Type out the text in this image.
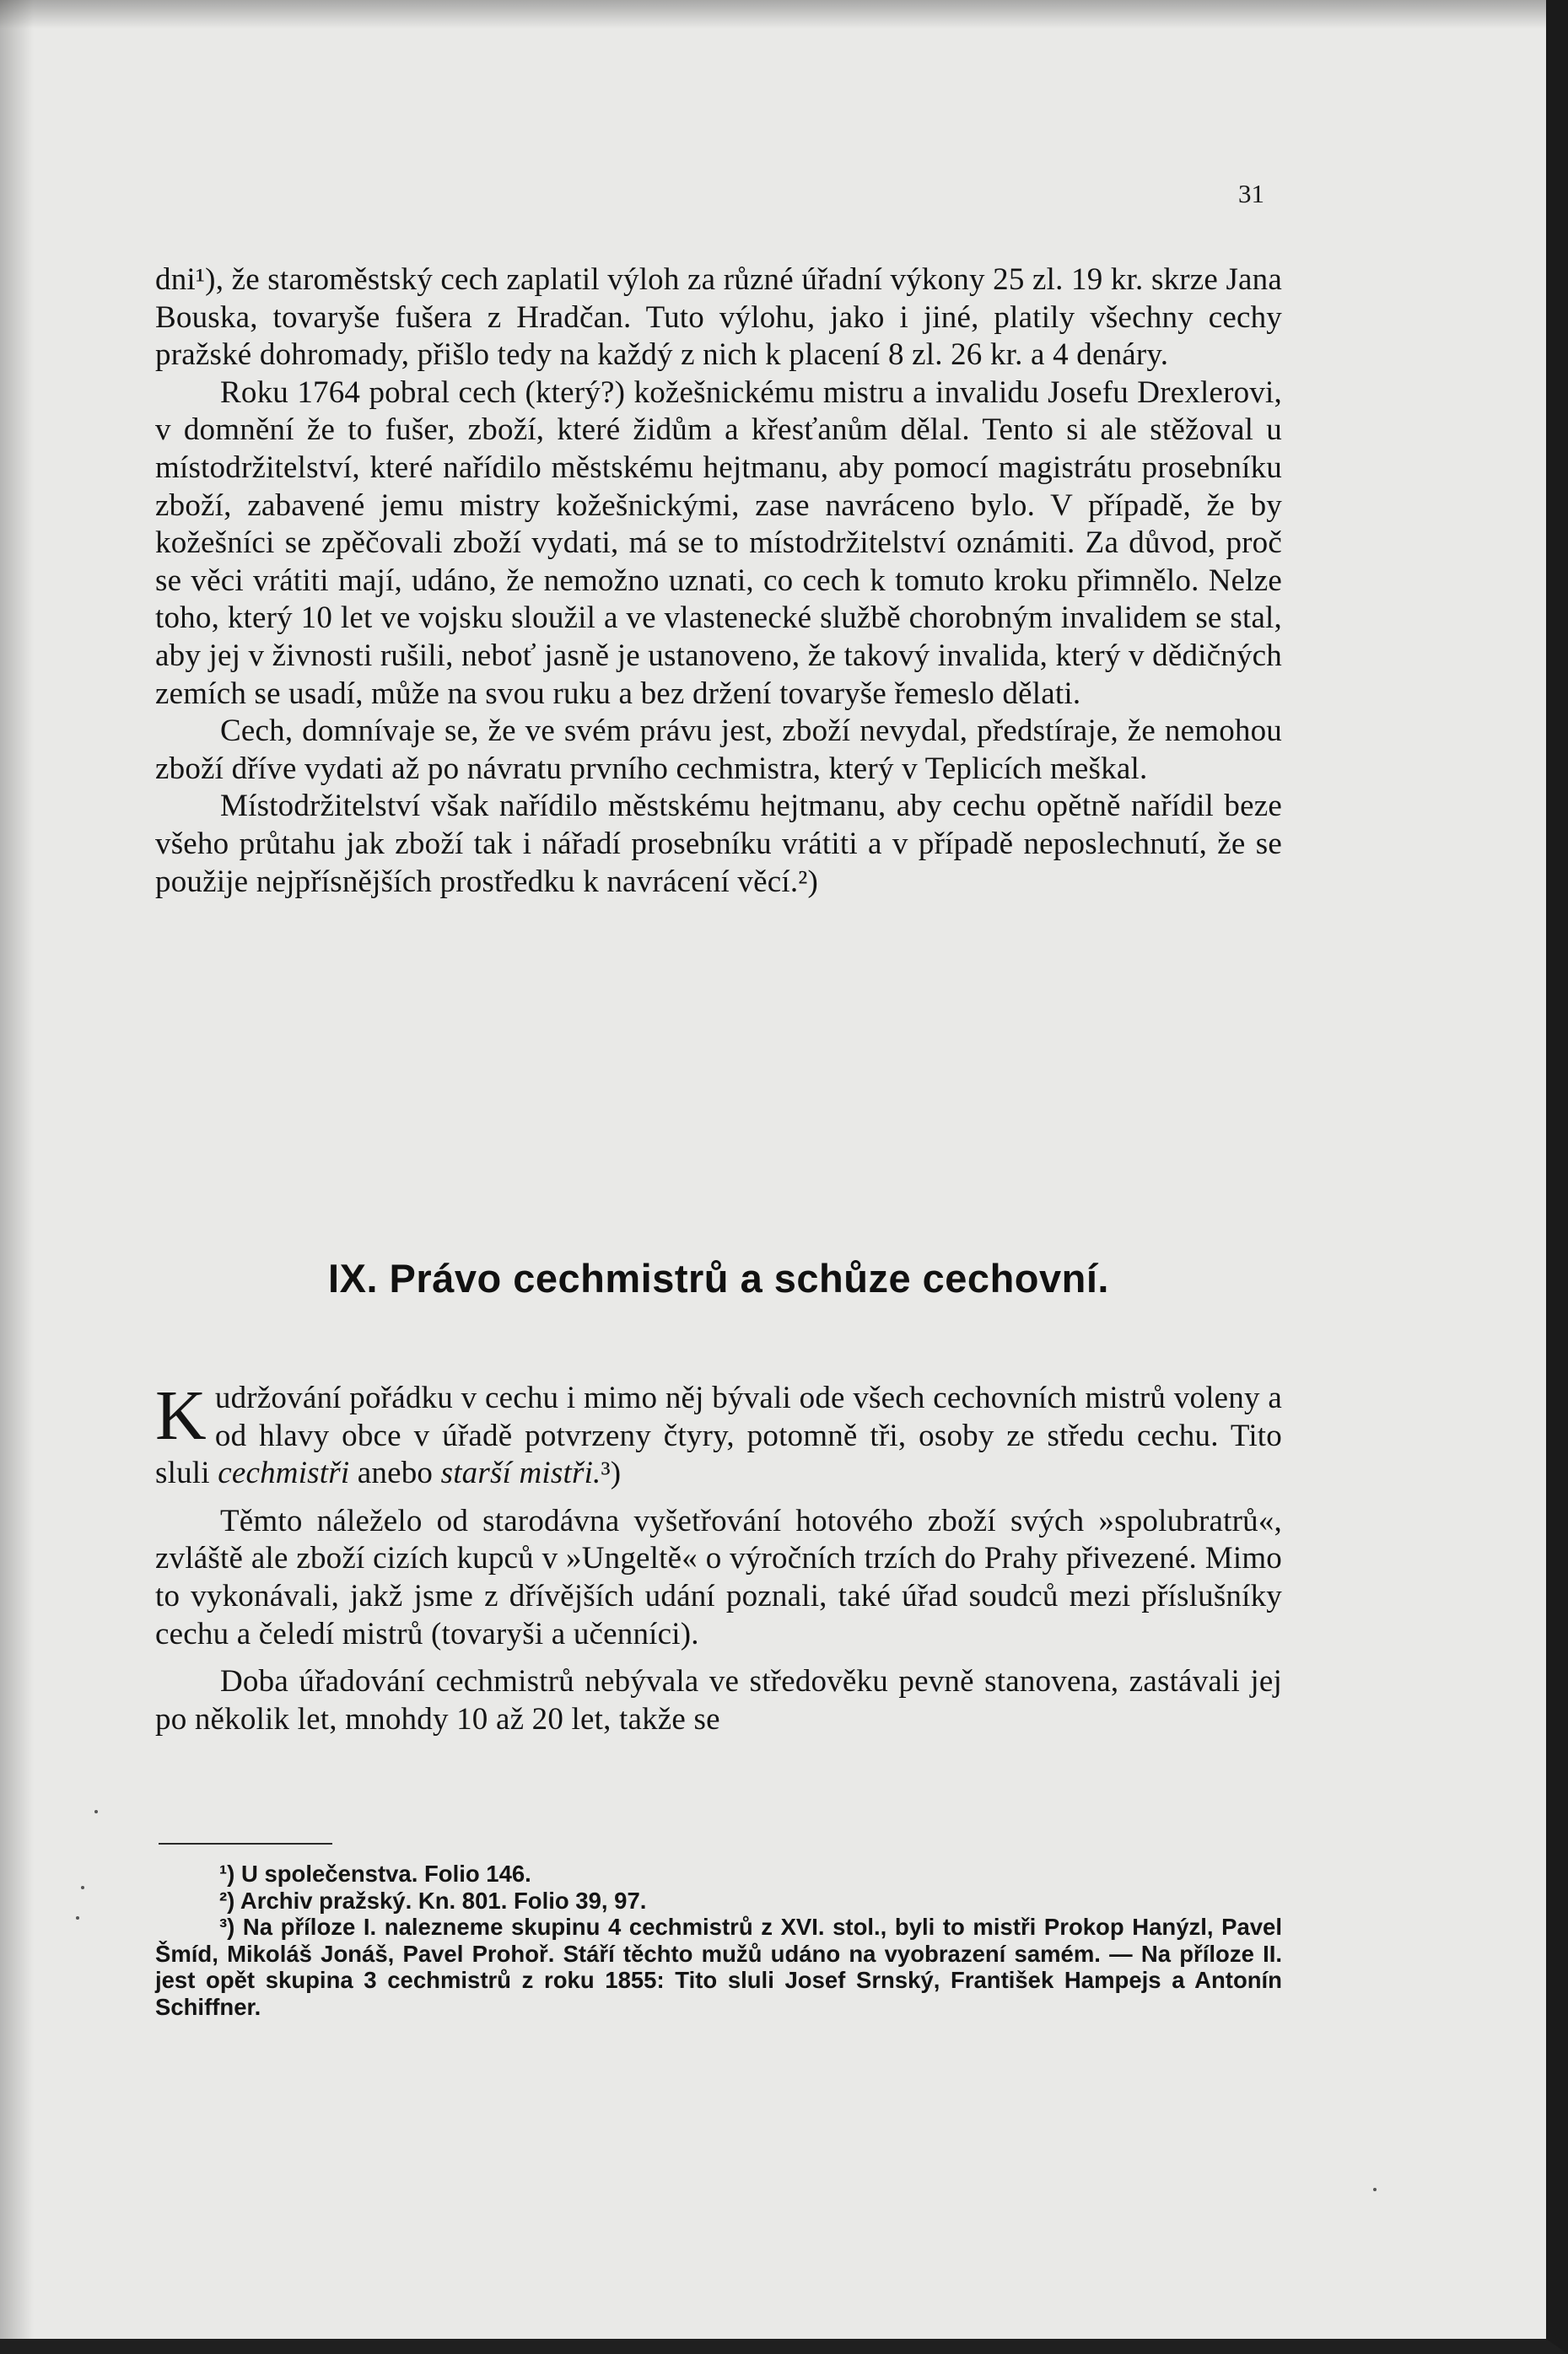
31

dni¹), že staroměstský cech zaplatil výloh za různé úřadní výkony 25 zl. 19 kr. skrze Jana Bouska, tovaryše fušera z Hradčan. Tuto výlohu, jako i jiné, platily všechny cechy pražské dohromady, přišlo tedy na každý z nich k placení 8 zl. 26 kr. a 4 denáry.

Roku 1764 pobral cech (který?) kožešnickému mistru a invalidu Josefu Drexlerovi, v domnění že to fušer, zboží, které židům a křesťanům dělal. Tento si ale stěžoval u místodržitelství, které nařídilo městskému hejtmanu, aby pomocí magistrátu prosebníku zboží, zabavené jemu mistry kožešnickými, zase navráceno bylo. V případě, že by kožešníci se zpěčovali zboží vydati, má se to místodržitelství oznámiti. Za důvod, proč se věci vrátiti mají, udáno, že nemožno uznati, co cech k tomuto kroku přimnělo. Nelze toho, který 10 let ve vojsku sloužil a ve vlastenecké službě chorobným invalidem se stal, aby jej v živnosti rušili, neboť jasně je ustanoveno, že takový invalida, který v dědičných zemích se usadí, může na svou ruku a bez držení tovaryše řemeslo dělati.

Cech, domnívaje se, že ve svém právu jest, zboží nevydal, předstíraje, že nemohou zboží dříve vydati až po návratu prvního cechmistra, který v Teplicích meškal.

Místodržitelství však nařídilo městskému hejtmanu, aby cechu opětně nařídil beze všeho průtahu jak zboží tak i nářadí prosebníku vrátiti a v případě neposlechnutí, že se použije nejpřísnějších prostředku k navrácení věcí.²)

IX. Právo cechmistrů a schůze cechovní.

Kudržování pořádku v cechu i mimo něj bývali ode všech cechovních mistrů voleny a od hlavy obce v úřadě potvrzeny čtyry, potomně tři, osoby ze středu cechu. Tito sluli cechmistři anebo starší mistři.³)

Těmto náleželo od starodávna vyšetřování hotového zboží svých »spolubratrů«, zvláště ale zboží cizích kupců v »Ungeltě« o výročních trzích do Prahy přivezené. Mimo to vykonávali, jakž jsme z dřívějších udání poznali, také úřad soudců mezi příslušníky cechu a čeledí mistrů (tovaryši a učenníci).

Doba úřadování cechmistrů nebývala ve středověku pevně stanovena, zastávali jej po několik let, mnohdy 10 až 20 let, takže se

¹) U společenstva. Folio 146.

²) Archiv pražský. Kn. 801. Folio 39, 97.

³) Na příloze I. nalezneme skupinu 4 cechmistrů z XVI. stol., byli to mistři Prokop Hanýzl, Pavel Šmíd, Mikoláš Jonáš, Pavel Prohoř. Stáří těchto mužů udáno na vyobrazení samém. — Na příloze II. jest opět skupina 3 cechmistrů z roku 1855: Tito sluli Josef Srnský, František Hampejs a Antonín Schiffner.
